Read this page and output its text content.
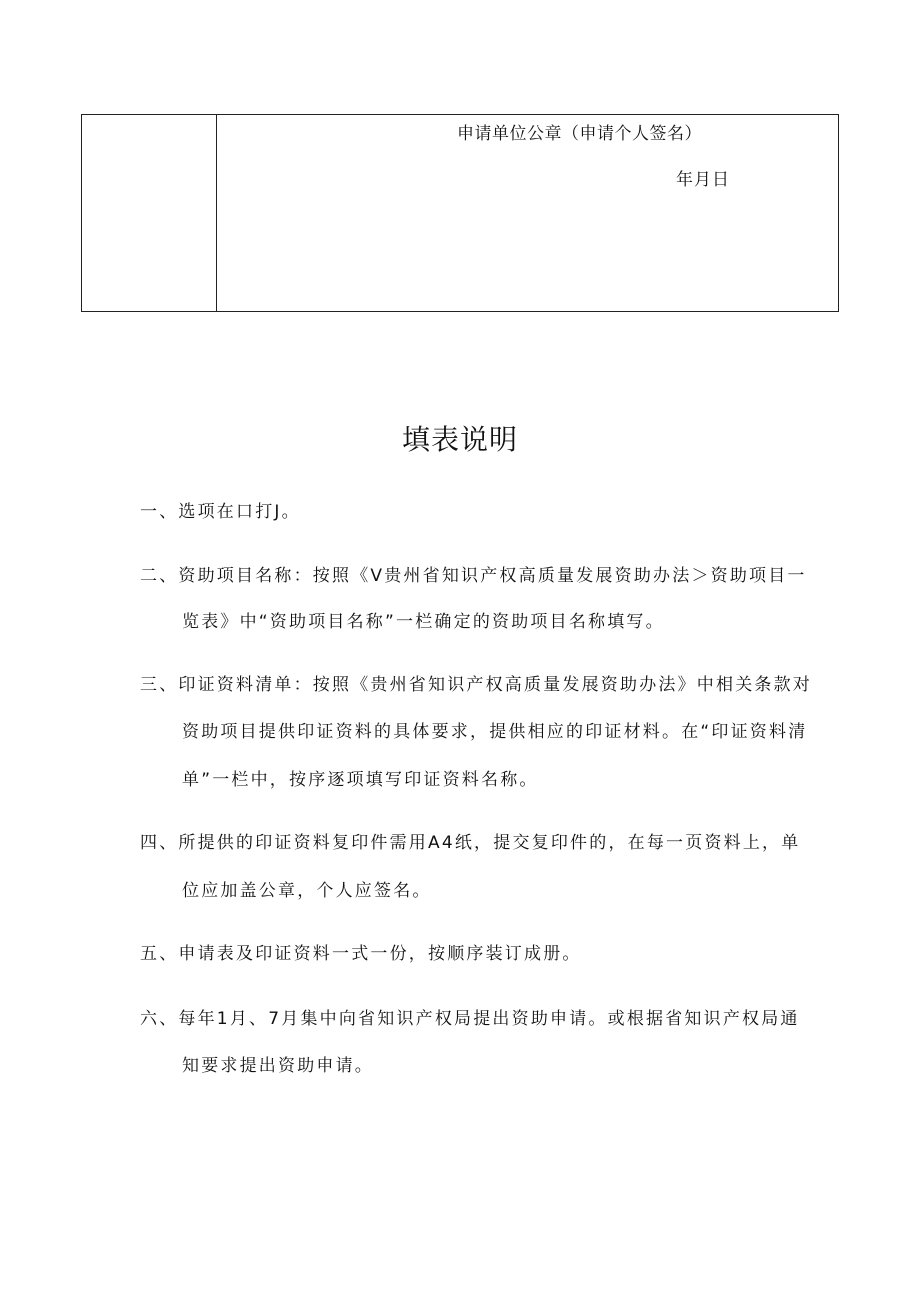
申请单位公章（申请个人签名）
年月日
填表说明
一、选项在口打J。
二、资助项目名称：按照《V贵州省知识产权高质量发展资助办法＞资助项目一
览表》中“资助项目名称”一栏确定的资助项目名称填写。
三、印证资料清单：按照《贵州省知识产权高质量发展资助办法》中相关条款对
资助项目提供印证资料的具体要求，提供相应的印证材料。在“印证资料清
单”一栏中，按序逐项填写印证资料名称。
四、所提供的印证资料复印件需用A4纸，提交复印件的，在每一页资料上，单
位应加盖公章，个人应签名。
五、申请表及印证资料一式一份，按顺序装订成册。
六、每年1月、7月集中向省知识产权局提出资助申请。或根据省知识产权局通
知要求提出资助申请。
